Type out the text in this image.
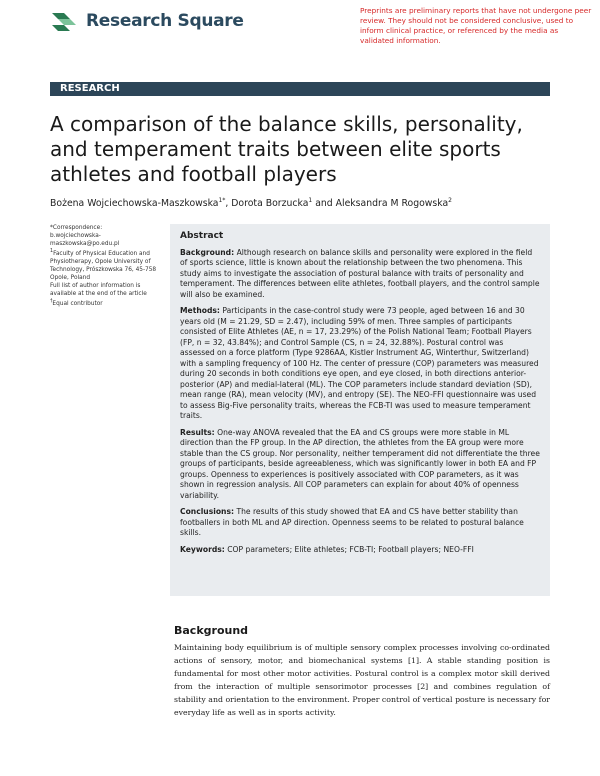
Research Square
Preprints are preliminary reports that have not undergone peer review. They should not be considered conclusive, used to inform clinical practice, or referenced by the media as validated information.
RESEARCH
A comparison of the balance skills, personality, and temperament traits between elite sports athletes and football players
Bożena Wojciechowska-Maszkowska$^{1*}$, Dorota Borzucka$^1$ and Aleksandra M Rogowska$^2$

*Correspondence:

b.wojciechowska-maszkowska@po.edu.pl

$^1$Faculty of Physical Education and Physiotherapy, Opole University of Technology, Prószkowska 76, 45-758 Opole, Poland

Full list of author information is available at the end of the article

†Equal contributor

Abstract

Background: Although research on balance skills and personality were explored in the field of sports science, little is known about the relationship between the two phenomena. This study aims to investigate the association of postural balance with traits of personality and temperament. The differences between elite athletes, football players, and the control sample will also be examined.

Methods: Participants in the case-control study were 73 people, aged between 16 and 30 years old (M = 21.29, SD = 2.47), including 59% of men. Three samples of participants consisted of Elite Athletes (AE, n = 17, 23.29%) of the Polish National Team; Football Players (FP, n = 32, 43.84%); and Control Sample (CS, n = 24, 32.88%). Postural control was assessed on a force platform (Type 9286AA, Kistler Instrument AG, Winterthur, Switzerland) with a sampling frequency of 100 Hz. The center of pressure (COP) parameters was measured during 20 seconds in both conditions eye open, and eye closed, in both directions anterior-posterior (AP) and medial-lateral (ML). The COP parameters include standard deviation (SD), mean range (RA), mean velocity (MV), and entropy (SE). The NEO-FFI questionnaire was used to assess Big-Five personality traits, whereas the FCB-TI was used to measure temperament traits.

Results: One-way ANOVA revealed that the EA and CS groups were more stable in ML direction than the FP group. In the AP direction, the athletes from the EA group were more stable than the CS group. Nor personality, neither temperament did not differentiate the three groups of participants, beside agreeableness, which was significantly lower in both EA and FP groups. Openness to experiences is positively associated with COP parameters, as it was shown in regression analysis. All COP parameters can explain for about 40% of openness variability.

Conclusions: The results of this study showed that EA and CS have better stability than footballers in both ML and AP direction. Openness seems to be related to postural balance skills.

Keywords: COP parameters; Elite athletes; FCB-TI; Football players; NEO-FFI

Background

Maintaining body equilibrium is of multiple sensory complex processes involving co-ordinated actions of sensory, motor, and biomechanical systems [1]. A stable standing position is fundamental for most other motor activities. Postural control is a complex motor skill derived from the interaction of multiple sensorimotor processes [2] and combines regulation of stability and orientation to the environment. Proper control of vertical posture is necessary for everyday life as well as in sports activity.
